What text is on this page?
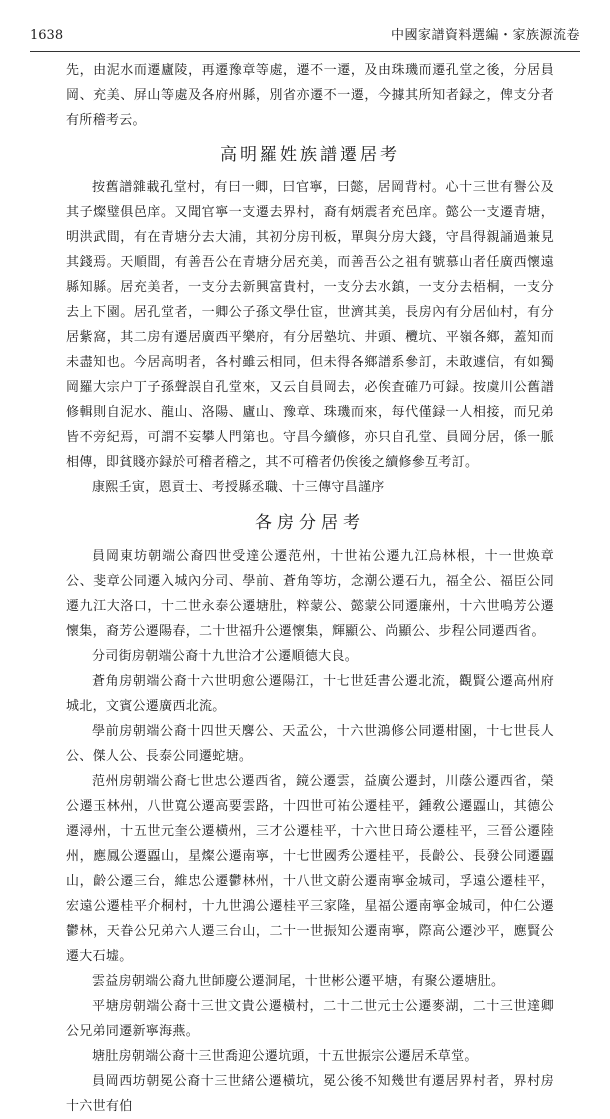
1638	中國家譜資料選編・家族源流卷

先，由泥水而遷廬陵，再遷豫章等處，遷不一遷，及由珠璣而遷孔堂之後，分居員岡、充美、屏山等處及各府州縣，別省亦遷不一遷，今據其所知者録之，俾支分者有所稽考云。

高明羅姓族譜遷居考

按舊譜雜載孔堂村，有曰一卿，曰官寧，曰懿，居岡背村。心十三世有譽公及其子燦璧俱邑庠。又聞官寧一支遷去界村，裔有炳震者充邑庠。懿公一支遷青塘，明洪武間，有在青塘分去大浦，其初分房刊板，單與分房大錢，守昌得親誦過兼見其錢焉。天順間，有善吾公在青塘分居充美，而善吾公之祖有號慕山者任廣西懷遠縣知縣。居充美者，一支分去新興富貴村，一支分去水鎮，一支分去梧桐，一支分去上下園。居孔堂者，一卿公子孫文學仕宦，世濟其美，長房內有分居仙村，有分居紫窩，其二房有遷居廣西平樂府，有分居塾坑、井頭、欖坑、平嶺各鄉，蓋知而未盡知也。今居高明者，各村雖云相同，但未得各鄉譜系參訂，未敢遽信，有如獨岡羅大宗户丁子孫聲誤自孔堂來，又云自員岡去，必俟査確乃可録。按虞川公舊譜修輯則自泥水、龍山、洛陽、廬山、豫章、珠璣而來，每代僅録一人相接，而兄弟皆不旁紀焉，可謂不妄攀人門第也。守昌今續修，亦只自孔堂、員岡分居，係一脈相傳，即貧賤亦録於可稽者稽之，其不可稽者仍俟後之續修參互考訂。

康熙壬寅，恩貢士、考授縣丞職、十三傳守昌謹序

各房分居考

員岡東坊朝端公裔四世受達公遷范州，十世祐公遷九江烏林根，十一世焕章公、斐章公同遷入城內分司、學前、蒼角等坊，念潮公遷石九，福全公、福臣公同遷九江大洛口，十二世永泰公遷塘肚，粹蒙公、懿蒙公同遷廉州，十六世鳴芳公遷懷集，裔芳公遷陽春，二十世福升公遷懷集，輝顯公、尚顯公、步程公同遷西省。

分司街房朝端公裔十九世洽才公遷順德大良。

蒼角房朝端公裔十六世明愈公遷陽江，十七世廷書公遷北流，觀賢公遷高州府城北，文賓公遷廣西北流。

學前房朝端公裔十四世天麐公、天孟公，十六世鴻修公同遷柑園，十七世長人公、傑人公、長泰公同遷蛇塘。

范州房朝端公裔七世忠公遷西省，鏡公遷雲，益廣公遷封，川蔭公遷西省，榮公遷玉林州，八世寬公遷高要雲路，十四世可祐公遷桂平，鍾敎公遷蠠山，其德公遷潯州，十五世元奎公遷橫州，三才公遷桂平，十六世日琦公遷桂平，三晉公遷陸州，應鳳公遷蠠山，星燦公遷南寧，十七世國秀公遷桂平，長齡公、長發公同遷蠠山，齡公遷三台，維忠公遷鬱林州，十八世文蔚公遷南寧金城司，孚遠公遷桂平，宏遠公遷桂平介桐村，十九世鴻公遷桂平三家隆，星福公遷南寧金城司，仲仁公遷鬱林，天眷公兄弟六人遷三台山，二十一世振知公遷南寧，際高公遷沙平，應賢公遷大石墟。

雲益房朝端公裔九世師慶公遷洞尾，十世彬公遷平塘，有聚公遷塘肚。

平塘房朝端公裔十三世文貴公遷橫村，二十二世元士公遷麥湖，二十三世達卿公兄弟同遷新寧海燕。

塘肚房朝端公裔十三世喬迎公遷坑頭，十五世振宗公遷居禾草堂。

員岡西坊朝冕公裔十三世緒公遷橫坑，冕公後不知幾世有遷居界村者，界村房十六世有伯
